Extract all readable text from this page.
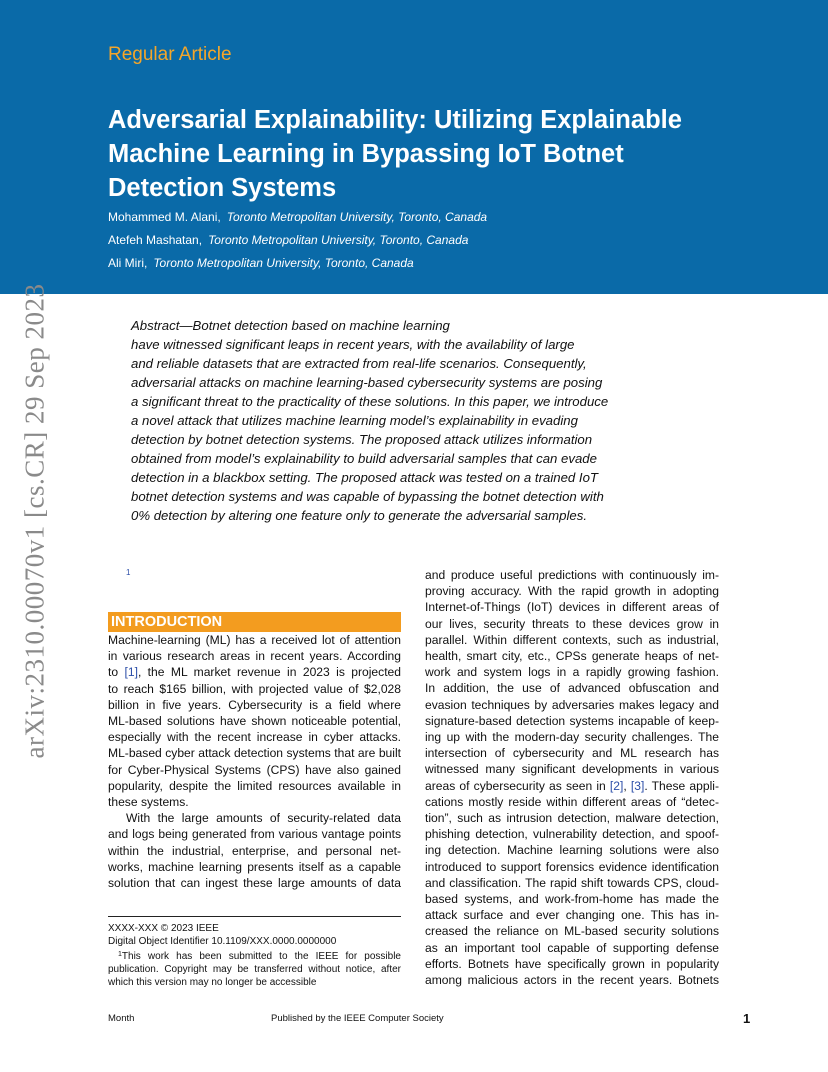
Regular Article
Adversarial Explainability: Utilizing Explainable
Machine Learning in Bypassing IoT Botnet
Detection Systems
Mohammed M. Alani, Toronto Metropolitan University, Toronto, Canada
Atefeh Mashatan, Toronto Metropolitan University, Toronto, Canada
Ali Miri, Toronto Metropolitan University, Toronto, Canada
arXiv:2310.00070v1 [cs.CR] 29 Sep 2023	Abstract—Botnet detection based on machine learning
have witnessed significant leaps in recent years, with the availability of large
and reliable datasets that are extracted from real-life scenarios. Consequently,
adversarial attacks on machine learning-based cybersecurity systems are posing
a significant threat to the practicality of these solutions. In this paper, we introduce
a novel attack that utilizes machine learning model’s explainability in evading
detection by botnet detection systems. The proposed attack utilizes information
obtained from model’s explainability to build adversarial samples that can evade
detection in a blackbox setting. The proposed attack was tested on a trained IoT
botnet detection systems and was capable of bypassing the botnet detection with
0% detection by altering one feature only to generate the adversarial samples.
1
INTRODUCTION
Machine-learning (ML) has a received lot of attention
in various research areas in recent years. According
to [1], the ML market revenue in 2023 is projected
to reach $165 billion, with projected value of $2,028
billion in five years. Cybersecurity is a field where
ML-based solutions have shown noticeable potential,
especially with the recent increase in cyber attacks.
ML-based cyber attack detection systems that are built
for Cyber-Physical Systems (CPS) have also gained
popularity, despite the limited resources available in
these systems.
With the large amounts of security-related data
and logs being generated from various vantage points
within the industrial, enterprise, and personal net-
works, machine learning presents itself as a capable
solution that can ingest these large amounts of data
and produce useful predictions with continuously im-
proving accuracy. With the rapid growth in adopting
Internet-of-Things (IoT) devices in different areas of
our lives, security threats to these devices grow in
parallel. Within different contexts, such as industrial,
health, smart city, etc., CPSs generate heaps of net-
work and system logs in a rapidly growing fashion.
In addition, the use of advanced obfuscation and
evasion techniques by adversaries makes legacy and
signature-based detection systems incapable of keep-
ing up with the modern-day security challenges. The
intersection of cybersecurity and ML research has
witnessed many significant developments in various
areas of cybersecurity as seen in [2], [3]. These appli-
cations mostly reside within different areas of “detec-
tion”, such as intrusion detection, malware detection,
phishing detection, vulnerability detection, and spoof-
ing detection. Machine learning solutions were also
introduced to support forensics evidence identification
and classification. The rapid shift towards CPS, cloud-
based systems, and work-from-home has made the
attack surface and ever changing one. This has in-
creased the reliance on ML-based security solutions
as an important tool capable of supporting defense
efforts. Botnets have specifically grown in popularity
among malicious actors in the recent years. Botnets
XXXX-XXX © 2023 IEEE
Digital Object Identifier 10.1109/XXX.0000.0000000
$^1$This work has been submitted to the IEEE for possible
publication. Copyright may be transferred without notice, after
which this version may no longer be accessible
Month	Published by the IEEE Computer Society	1
